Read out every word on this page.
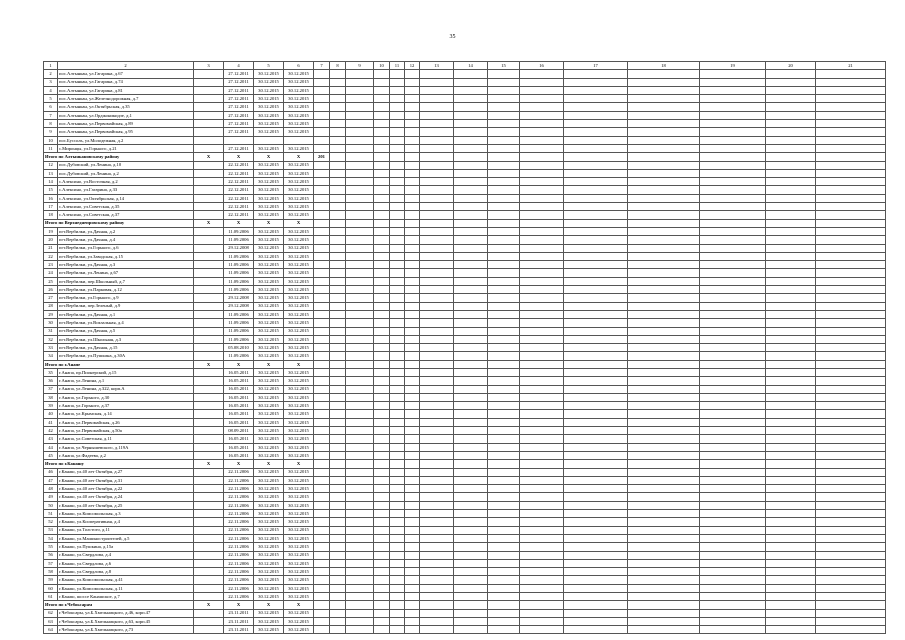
35
1	2	3	4	5	6	7	8	9	10	11	12	13	14	15	16	17	18	19	20	21
2	пос.Алтынкан, ул.Гагарина, д.67		27.12.2011	30.12.2015	30.12.2015															
3	пос.Алтынкан, ул.Гагарина, д.74		27.12.2011	30.12.2015	30.12.2015															
4	пос.Алтынкан, ул.Гагарина, д.81		27.12.2011	30.12.2015	30.12.2015															
5	пос.Алтынкан, ул.Железнодорожная, д.7		27.12.2011	30.12.2015	30.12.2015															
6	пос.Алтынкан, ул.Октябрьская, д.35		27.12.2011	30.12.2015	30.12.2015															
7	пос.Алтынкан, ул.Орджоникидзе, д.1		27.12.2011	30.12.2015	30.12.2015															
8	пос.Алтынкан, ул.Первомайская, д.89		27.12.2011	30.12.2015	30.12.2015															
9	пос.Алтынкан, ул.Первомайская, д.95		27.12.2011	30.12.2015	30.12.2015															
10	пос.Буссоль, ул.Молодежная, д.2																			
11	с.Миронцы, ул.Горького, д.21		27.12.2011	30.12.2015	30.12.2015															
Итого по Алтынкановскому району		X	X	X	X	201														
12	пос.Дубовский, ул.Ленина, д.10		22.12.2011	30.12.2015	30.12.2015															
13	пос.Дубовский, ул.Ленина, д.2		22.12.2011	30.12.2015	30.12.2015															
14	с.Алексино, ул.Восточная, д.2		22.12.2011	30.12.2015	30.12.2015															
15	с.Алексино, ул.Гагарина, д.33		22.12.2011	30.12.2015	30.12.2015															
16	с.Алексино, ул.Октябрьская, д.14		22.12.2011	30.12.2015	30.12.2015															
17	с.Алексино, ул.Советская, д.35		22.12.2011	30.12.2015	30.12.2015															
18	с.Алексино, ул.Советская, д.37		22.12.2011	30.12.2015	30.12.2015															
Итого по Верхнеднепровскому району		X	X	X	X															
19	пгт.Вербилки, ул.Дачная, д.2		11.09.2006	30.12.2015	30.12.2015															
20	пгт.Вербилки, ул.Дачная, д.4		11.09.2006	30.12.2015	30.12.2015															
21	пгт.Вербилки, ул.Горького, д.6		29.12.2008	30.12.2015	30.12.2015															
22	пгт.Вербилки, ул.Заводская, д.15		11.09.2006	30.12.2015	30.12.2015															
23	пгт.Вербилки, ул.Дачная, д.3		11.09.2006	30.12.2015	30.12.2015															
24	пгт.Вербилки, ул.Ленина, д.67		11.09.2006	30.12.2015	30.12.2015															
25	пгт.Вербилки, пер.Школьный, д.7		11.09.2006	30.12.2015	30.12.2015															
26	пгт.Вербилки, ул.Парковая, д.12		11.09.2006	30.12.2015	30.12.2015															
27	пгт.Вербилки, ул.Горького, д.9		29.12.2008	30.12.2015	30.12.2015															
28	пгт.Вербилки, пер.Зеленый, д.9		29.12.2008	30.12.2015	30.12.2015															
29	пгт.Вербилки, ул.Дачная, д.1		11.09.2006	30.12.2015	30.12.2015															
30	пгт.Вербилки, ул.Вокзальная, д.4		11.09.2006	30.12.2015	30.12.2015															
31	пгт.Вербилки, ул.Дачная, д.5		11.09.2006	30.12.2015	30.12.2015															
32	пгт.Вербилки, ул.Школьная, д.3		11.09.2006	30.12.2015	30.12.2015															
33	пгт.Вербилки, ул.Дачная, д.15		05.08.2010	30.12.2015	30.12.2015															
34	пгт.Вербилки, ул.Пушкина, д.30А		11.09.2006	30.12.2015	30.12.2015															
Итого по г.Анапе		X	X	X	X															
35	г.Анапа, пр.Пионерский, д.15		16.05.2011	30.12.2015	30.12.2015															
36	г.Анапа, ул.Ленина, д.1		16.05.2011	30.12.2015	30.12.2015															
37	г.Анапа, ул.Ленина, д.322, корп.А		16.05.2011	30.12.2015	30.12.2015															
38	г.Анапа, ул.Горького, д.30		16.05.2011	30.12.2015	30.12.2015															
39	г.Анапа, ул.Горького, д.37		16.05.2011	30.12.2015	30.12.2015															
40	г.Анапа, ул.Крымская, д.14		16.05.2011	30.12.2015	30.12.2015															
41	г.Анапа, ул.Первомайская, д.26		16.05.2011	30.12.2015	30.12.2015															
42	г.Анапа, ул.Первомайская, д.50а		08.09.2011	30.12.2015	30.12.2015															
43	г.Анапа, ул.Советская, д.11		16.05.2011	30.12.2015	30.12.2015															
44	г.Анапа, ул.Чернышевского, д.119А		16.05.2011	30.12.2015	30.12.2015															
45	г.Анапа, ул.Фадеева, д.2		16.05.2011	30.12.2015	30.12.2015															
Итого по г.Канашу		X	X	X	X															
46	г.Канаш, ул.40 лет Октября, д.27		22.11.2006	30.12.2015	30.12.2015															
47	г.Канаш, ул.40 лет Октября, д.31		22.11.2006	30.12.2015	30.12.2015															
48	г.Канаш, ул.40 лет Октября, д.22		22.11.2006	30.12.2015	30.12.2015															
49	г.Канаш, ул.40 лет Октября, д.24		22.11.2006	30.12.2015	30.12.2015															
50	г.Канаш, ул.40 лет Октября, д.25		22.11.2006	30.12.2015	30.12.2015															
51	г.Канаш, ул.Комсомольская, д.3		22.11.2006	30.12.2015	30.12.2015															
52	г.Канаш, ул.Кооперативная, д.4		22.11.2006	30.12.2015	30.12.2015															
53	г.Канаш, ул.Толстого, д.11		22.11.2006	30.12.2015	30.12.2015															
54	г.Канаш, ул.Машиностроителей, д.5		22.11.2006	30.12.2015	30.12.2015															
55	г.Канаш, ул.Пушкина, д.15а		22.11.2006	30.12.2015	30.12.2015															
56	г.Канаш, ул.Свердлова, д.4		22.11.2006	30.12.2015	30.12.2015															
57	г.Канаш, ул.Свердлова, д.6		22.11.2006	30.12.2015	30.12.2015															
58	г.Канаш, ул.Свердлова, д.8		22.11.2006	30.12.2015	30.12.2015															
59	г.Канаш, ул.Комсомольская, д.41		22.11.2006	30.12.2015	30.12.2015															
60	г.Канаш, ул.Комсомольская, д.11		22.11.2006	30.12.2015	30.12.2015															
61	г.Канаш, шоссе Канашское, д.7		22.11.2006	30.12.2015	30.12.2015															
Итого по г.Чебоксарам		X	X	X	X															
62	г.Чебоксары, ул.Б.Хмельницкого, д.46, корп.47		23.11.2011	30.12.2015	30.12.2015															
63	г.Чебоксары, ул.Б.Хмельницкого, д.63, корп.45		23.11.2011	30.12.2015	30.12.2015															
64	г.Чебоксары, ул.Б.Хмельницкого, д.73		23.11.2011	30.12.2015	30.12.2015															
